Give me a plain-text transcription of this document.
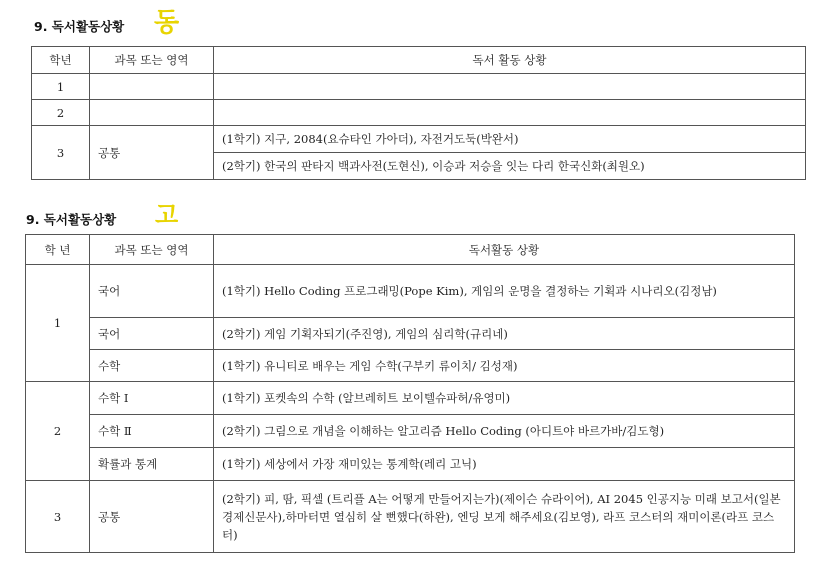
9. 독서활동상황 동
학년	과목 또는 영역	독서 활동 상황
1		
2		
3	공통	(1학기) 지구, 2084(요슈타인 가아더), 자전거도둑(박완서)
		(2학기) 한국의 판타지 백과사전(도현신), 이승과 저승을 잇는 다리 한국신화(최원오)
9. 독서활동상황 고
학 년	과목 또는 영역	독서활동 상황
1	국어	(1학기) Hello Coding 프로그래밍(Pope Kim), 게임의 운명을 결정하는 기획과 시나리오(김정남)
	국어	(2학기) 게임 기획자되기(주진영), 게임의 심리학(규리네)
	수학	(1학기) 유니티로 배우는 게임 수학(구부키 류이치/ 김성재)
2	수학 Ⅰ	(1학기) 포켓속의 수학 (알브레히트 보이텔슈파허/유영미)
	수학 Ⅱ	(2학기) 그림으로 개념을 이해하는 알고리즘 Hello Coding (아디트야 바르가바/김도형)
	확률과 통계	(1학기) 세상에서 가장 재미있는 통계학(레리 고닉)
3	공통	(2학기) 피, 땀, 픽셀 (트리플 A는 어떻게 만들어지는가)(제이슨 슈라이어), AI 2045 인공지능 미래 보고서(일본경제신문사),하마터면 열심히 살 뻔했다(하완), 엔딩 보게 해주세요(김보영), 라프 코스터의 재미이론(라프 코스터)
